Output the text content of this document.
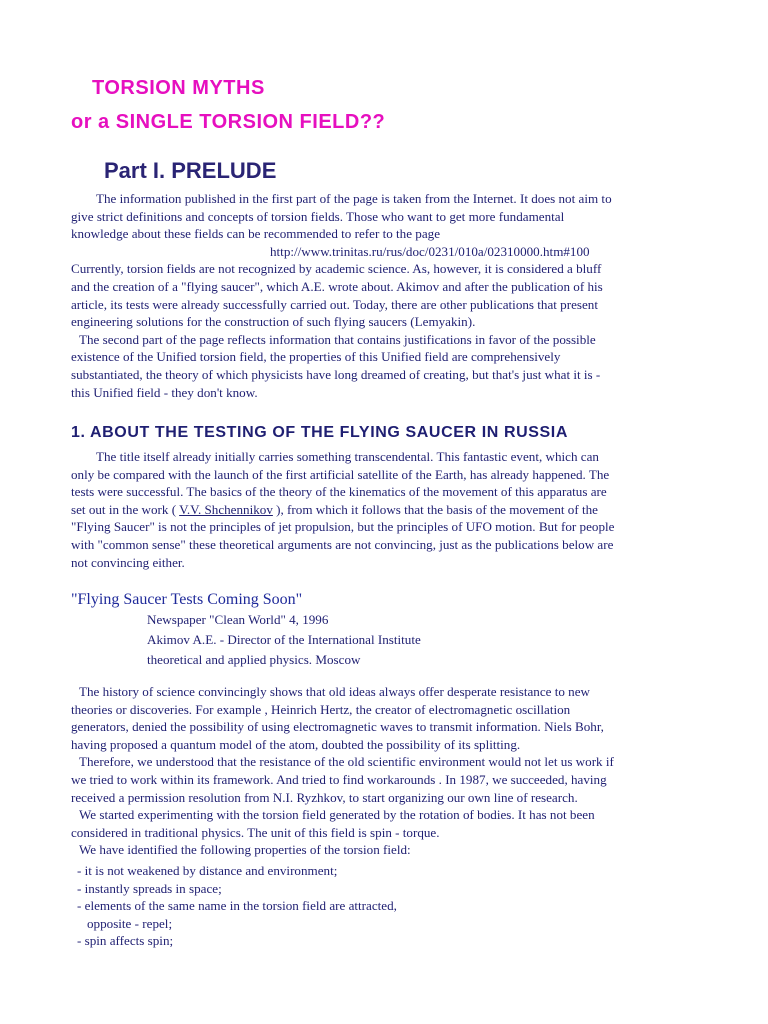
TORSION MYTHS
or a SINGLE TORSION FIELD??
Part I. PRELUDE
The information published in the first part of the page is taken from the Internet. It does not aim to
give strict definitions and concepts of torsion fields. Those who want to get more fundamental
knowledge about these fields can be recommended to refer to the page
http://www.trinitas.ru/rus/doc/0231/010a/02310000.htm#100
Currently, torsion fields are not recognized by academic science. As, however, it is considered a bluff
and the creation of a "flying saucer", which A.E. wrote about. Akimov and after the publication of his
article, its tests were already successfully carried out. Today, there are other publications that present
engineering solutions for the construction of such flying saucers (Lemyakin).
The second part of the page reflects information that contains justifications in favor of the possible
existence of the Unified torsion field, the properties of this Unified field are comprehensively
substantiated, the theory of which physicists have long dreamed of creating, but that's just what it is -
this Unified field - they don't know.
1. ABOUT THE TESTING OF THE FLYING SAUCER IN RUSSIA
The title itself already initially carries something transcendental. This fantastic event, which can
only be compared with the launch of the first artificial satellite of the Earth, has already happened. The
tests were successful. The basics of the theory of the kinematics of the movement of this apparatus are
set out in the work ( V.V. Shchennikov ), from which it follows that the basis of the movement of the
"Flying Saucer" is not the principles of jet propulsion, but the principles of UFO motion. But for people
with "common sense" these theoretical arguments are not convincing, just as the publications below are
not convincing either.
"Flying Saucer Tests Coming Soon"
Newspaper "Clean World" 4, 1996
Akimov A.E. - Director of the International Institute
theoretical and applied physics. Moscow
The history of science convincingly shows that old ideas always offer desperate resistance to new
theories or discoveries. For example , Heinrich Hertz, the creator of electromagnetic oscillation
generators, denied the possibility of using electromagnetic waves to transmit information. Niels Bohr,
having proposed a quantum model of the atom, doubted the possibility of its splitting.
Therefore, we understood that the resistance of the old scientific environment would not let us work if
we tried to work within its framework. And tried to find workarounds . In 1987, we succeeded, having
received a permission resolution from N.I. Ryzhkov, to start organizing our own line of research.
We started experimenting with the torsion field generated by the rotation of bodies. It has not been
considered in traditional physics. The unit of this field is spin - torque.
We have identified the following properties of the torsion field:
- it is not weakened by distance and environment;
- instantly spreads in space;
- elements of the same name in the torsion field are attracted,
opposite - repel;
- spin affects spin;
